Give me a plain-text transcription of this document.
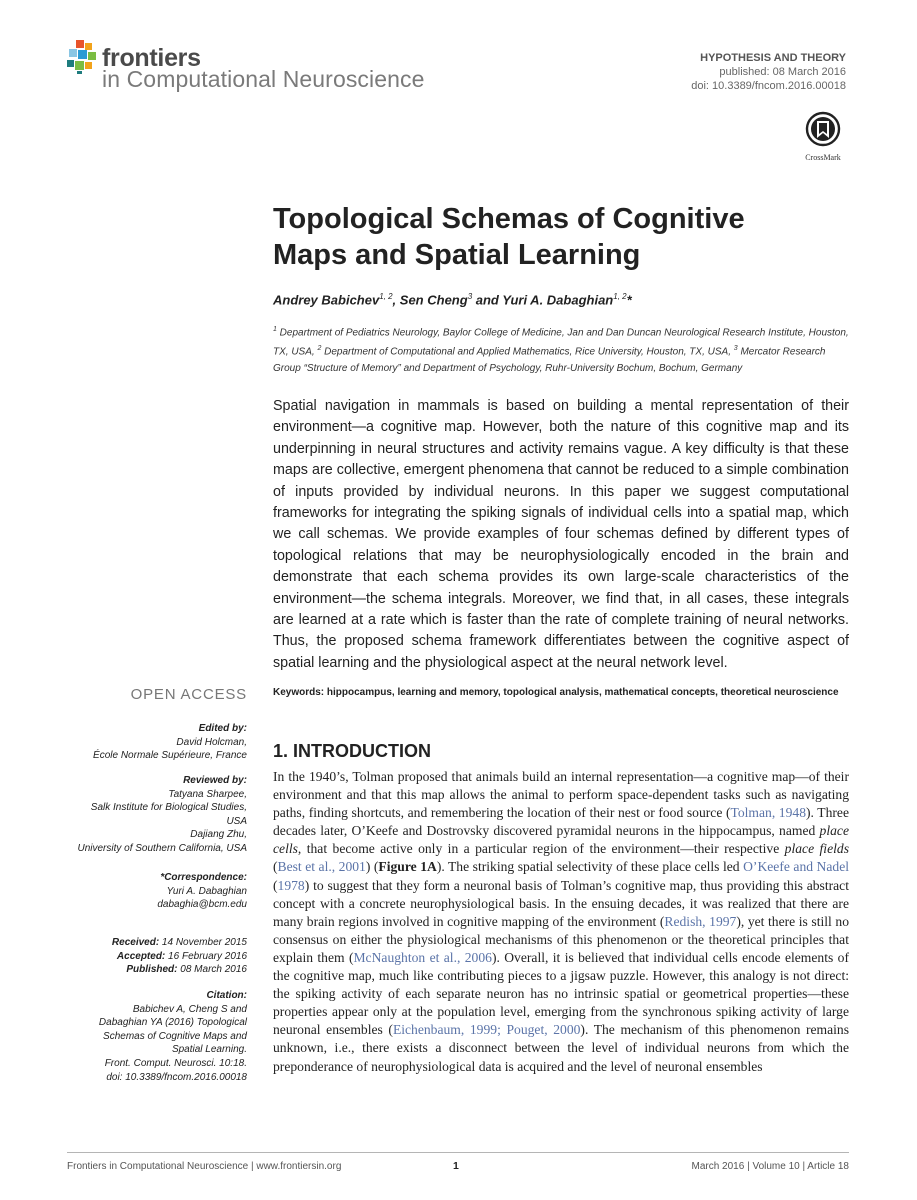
frontiers
in Computational Neuroscience
HYPOTHESIS AND THEORY
published: 08 March 2016
doi: 10.3389/fncom.2016.00018
CrossMark
Topological Schemas of Cognitive
Maps and Spatial Learning
Andrey Babichev$^{1, 2}$, Sen Cheng$^3$ and Yuri A. Dabaghian$^{1, 2}$*
$^1$ Department of Pediatrics Neurology, Baylor College of Medicine, Jan and Dan Duncan Neurological Research Institute, Houston, TX, USA, $^2$ Department of Computational and Applied Mathematics, Rice University, Houston, TX, USA, $^3$ Mercator Research Group “Structure of Memory” and Department of Psychology, Ruhr-University Bochum, Bochum, Germany
Spatial navigation in mammals is based on building a mental representation of their environment—a cognitive map. However, both the nature of this cognitive map and its underpinning in neural structures and activity remains vague. A key difficulty is that these maps are collective, emergent phenomena that cannot be reduced to a simple combination of inputs provided by individual neurons. In this paper we suggest computational frameworks for integrating the spiking signals of individual cells into a spatial map, which we call schemas. We provide examples of four schemas defined by different types of topological relations that may be neurophysiologically encoded in the brain and demonstrate that each schema provides its own large-scale characteristics of the environment—the schema integrals. Moreover, we find that, in all cases, these integrals are learned at a rate which is faster than the rate of complete training of neural networks. Thus, the proposed schema framework differentiates between the cognitive aspect of spatial learning and the physiological aspect at the neural network level.
Keywords: hippocampus, learning and memory, topological analysis, mathematical concepts, theoretical neuroscience
1. INTRODUCTION
In the 1940’s, Tolman proposed that animals build an internal representation—a cognitive map—of their environment and that this map allows the animal to perform space-dependent tasks such as navigating paths, finding shortcuts, and remembering the location of their nest or food source (Tolman, 1948). Three decades later, O’Keefe and Dostrovsky discovered pyramidal neurons in the hippocampus, named place cells, that become active only in a particular region of the environment—their respective place fields (Best et al., 2001) (Figure 1A). The striking spatial selectivity of these place cells led O’Keefe and Nadel (1978) to suggest that they form a neuronal basis of Tolman’s cognitive map, thus providing this abstract concept with a concrete neurophysiological basis. In the ensuing decades, it was realized that there are many brain regions involved in cognitive mapping of the environment (Redish, 1997), yet there is still no consensus on either the physiological mechanisms of this phenomenon or the theoretical principles that explain them (McNaughton et al., 2006). Overall, it is believed that individual cells encode elements of the cognitive map, much like contributing pieces to a jigsaw puzzle. However, this analogy is not direct: the spiking activity of each separate neuron has no intrinsic spatial or geometrical properties—these properties appear only at the population level, emerging from the synchronous spiking activity of large neuronal ensembles (Eichenbaum, 1999; Pouget, 2000). The mechanism of this phenomenon remains unknown, i.e., there exists a disconnect between the level of individual neurons from which the preponderance of neurophysiological data is acquired and the level of neuronal ensembles
OPEN ACCESS
Edited by:
David Holcman,
École Normale Supérieure, France
Reviewed by:
Tatyana Sharpee,
Salk Institute for Biological Studies,
USA
Dajiang Zhu,
University of Southern California, USA
*Correspondence:
Yuri A. Dabaghian
dabaghia@bcm.edu
Received: 14 November 2015
Accepted: 16 February 2016
Published: 08 March 2016
Citation:
Babichev A, Cheng S and
Dabaghian YA (2016) Topological
Schemas of Cognitive Maps and
Spatial Learning.
Front. Comput. Neurosci. 10:18.
doi: 10.3389/fncom.2016.00018
Frontiers in Computational Neuroscience | www.frontiersin.org	1	March 2016 | Volume 10 | Article 18
